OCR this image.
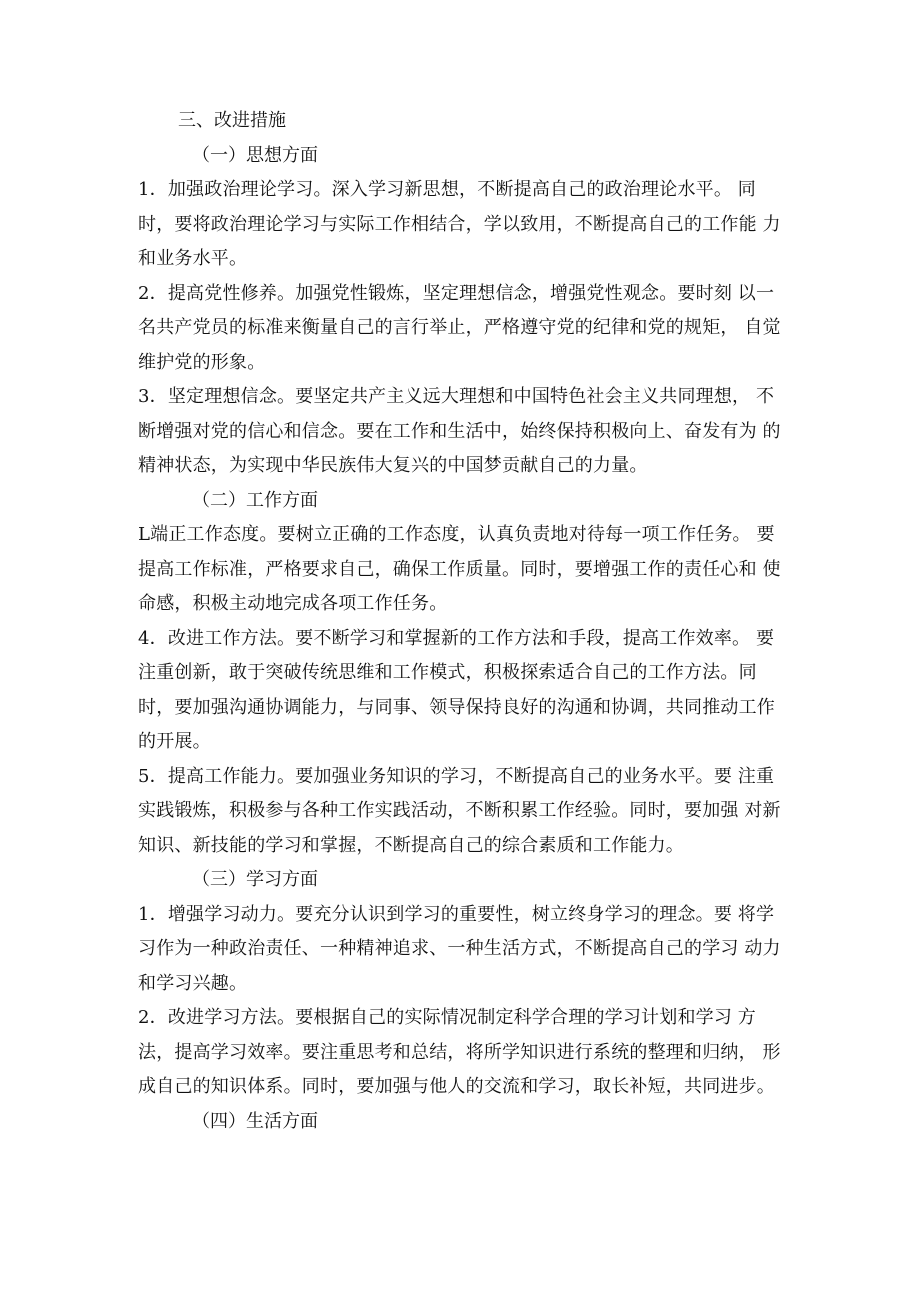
三、改进措施

（一）思想方面

1．加强政治理论学习。深入学习新思想，不断提高自己的政治理论水平。 同时，要将政治理论学习与实际工作相结合，学以致用，不断提高自己的工作能 力和业务水平。
2．提高党性修养。加强党性锻炼，坚定理想信念，增强党性观念。要时刻 以一名共产党员的标准来衡量自己的言行举止，严格遵守党的纪律和党的规矩， 自觉维护党的形象。
3．坚定理想信念。要坚定共产主义远大理想和中国特色社会主义共同理想， 不断增强对党的信心和信念。要在工作和生活中，始终保持积极向上、奋发有为 的精神状态，为实现中华民族伟大复兴的中国梦贡献自己的力量。

（二）工作方面

L端正工作态度。要树立正确的工作态度，认真负责地对待每一项工作任务。 要提高工作标准，严格要求自己，确保工作质量。同时，要增强工作的责任心和 使命感，积极主动地完成各项工作任务。
4．改进工作方法。要不断学习和掌握新的工作方法和手段，提高工作效率。 要注重创新，敢于突破传统思维和工作模式，积极探索适合自己的工作方法。同 时，要加强沟通协调能力，与同事、领导保持良好的沟通和协调，共同推动工作 的开展。
5．提高工作能力。要加强业务知识的学习，不断提高自己的业务水平。要 注重实践锻炼，积极参与各种工作实践活动，不断积累工作经验。同时，要加强 对新知识、新技能的学习和掌握，不断提高自己的综合素质和工作能力。

（三）学习方面

1．增强学习动力。要充分认识到学习的重要性，树立终身学习的理念。要 将学习作为一种政治责任、一种精神追求、一种生活方式，不断提高自己的学习 动力和学习兴趣。
2．改进学习方法。要根据自己的实际情况制定科学合理的学习计划和学习 方法，提高学习效率。要注重思考和总结，将所学知识进行系统的整理和归纳， 形成自己的知识体系。同时，要加强与他人的交流和学习，取长补短，共同进步。

（四）生活方面
